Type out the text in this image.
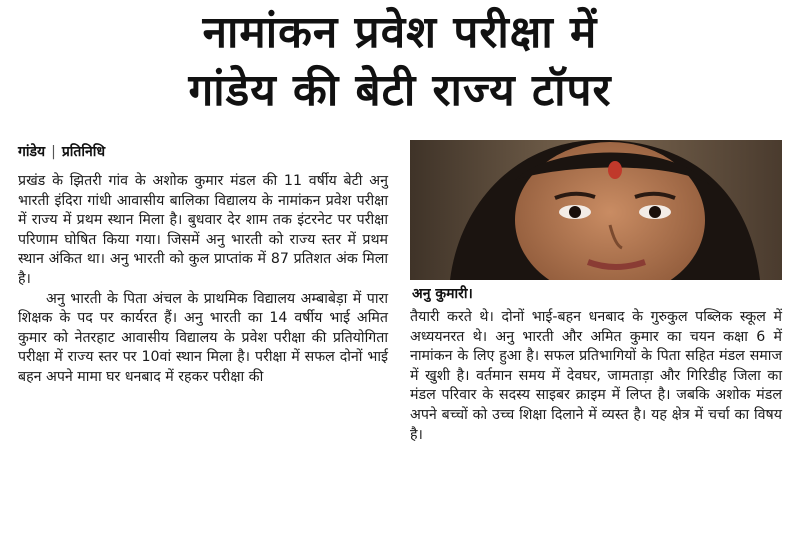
नामांकन प्रवेश परीक्षा में
गांडेय की बेटी राज्य टॉपर
गांडेय | प्रतिनिधि

प्रखंड के झितरी गांव के अशोक कुमार मंडल की 11 वर्षीय बेटी अनु भारती इंदिरा गांधी आवासीय बालिका विद्यालय के नामांकन प्रवेश परीक्षा में राज्य में प्रथम स्थान मिला है। बुधवार देर शाम तक इंटरनेट पर परीक्षा परिणाम घोषित किया गया। जिसमें अनु भारती को राज्य स्तर में प्रथम स्थान अंकित था। अनु भारती को कुल प्राप्तांक में 87 प्रतिशत अंक मिला है।

अनु भारती के पिता अंचल के प्राथमिक विद्यालय अम्बाबेड़ा में पारा शिक्षक के पद पर कार्यरत हैं। अनु भारती का 14 वर्षीय भाई अमित कुमार को नेतरहाट आवासीय विद्यालय के प्रवेश परीक्षा की प्रतियोगिता परीक्षा में राज्य स्तर पर 10वां स्थान मिला है। परीक्षा में सफल दोनों भाई बहन अपने मामा घर धनबाद में रहकर परीक्षा की

अनु कुमारी।

तैयारी करते थे। दोनों भाई-बहन धनबाद के गुरुकुल पब्लिक स्कूल में अध्ययनरत थे। अनु भारती और अमित कुमार का चयन कक्षा 6 में नामांकन के लिए हुआ है। सफल प्रतिभागियों के पिता सहित मंडल समाज में खुशी है। वर्तमान समय में देवघर, जामताड़ा और गिरिडीह जिला का मंडल परिवार के सदस्य साइबर क्राइम में लिप्त है। जबकि अशोक मंडल अपने बच्चों को उच्च शिक्षा दिलाने में व्यस्त है। यह क्षेत्र में चर्चा का विषय है।
